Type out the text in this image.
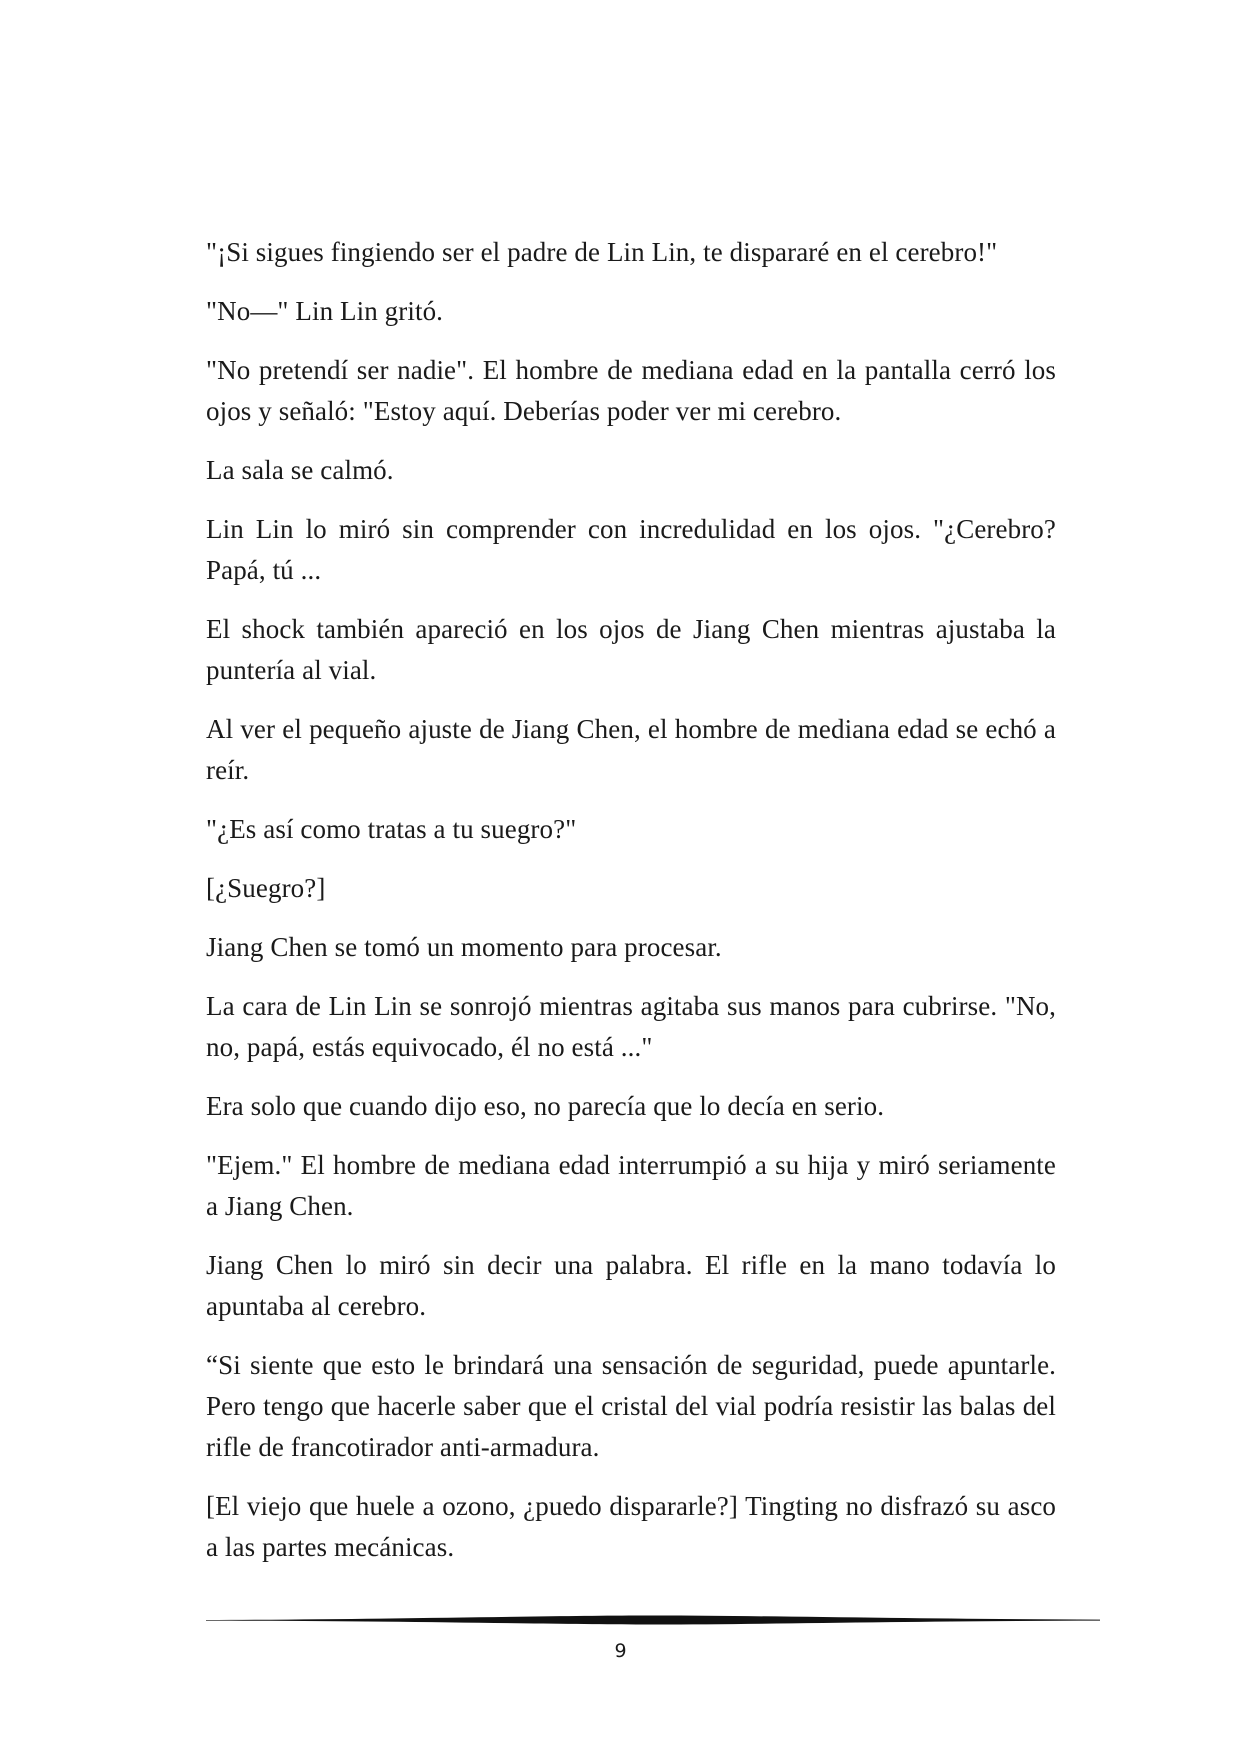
"¡Si sigues fingiendo ser el padre de Lin Lin, te dispararé en el cerebro!"

"No—" Lin Lin gritó.

"No pretendí ser nadie". El hombre de mediana edad en la pantalla cerró los ojos y señaló: "Estoy aquí. Deberías poder ver mi cerebro.

La sala se calmó.

Lin Lin lo miró sin comprender con incredulidad en los ojos. "¿Cerebro? Papá, tú ...

El shock también apareció en los ojos de Jiang Chen mientras ajustaba la puntería al vial.

Al ver el pequeño ajuste de Jiang Chen, el hombre de mediana edad se echó a reír.

"¿Es así como tratas a tu suegro?"

[¿Suegro?]

Jiang Chen se tomó un momento para procesar.

La cara de Lin Lin se sonrojó mientras agitaba sus manos para cubrirse. "No, no, papá, estás equivocado, él no está ..."

Era solo que cuando dijo eso, no parecía que lo decía en serio.

"Ejem." El hombre de mediana edad interrumpió a su hija y miró seriamente a Jiang Chen.

Jiang Chen lo miró sin decir una palabra. El rifle en la mano todavía lo apuntaba al cerebro.

“Si siente que esto le brindará una sensación de seguridad, puede apuntarle. Pero tengo que hacerle saber que el cristal del vial podría resistir las balas del rifle de francotirador anti-armadura.

[El viejo que huele a ozono, ¿puedo dispararle?] Tingting no disfrazó su asco a las partes mecánicas.

9
